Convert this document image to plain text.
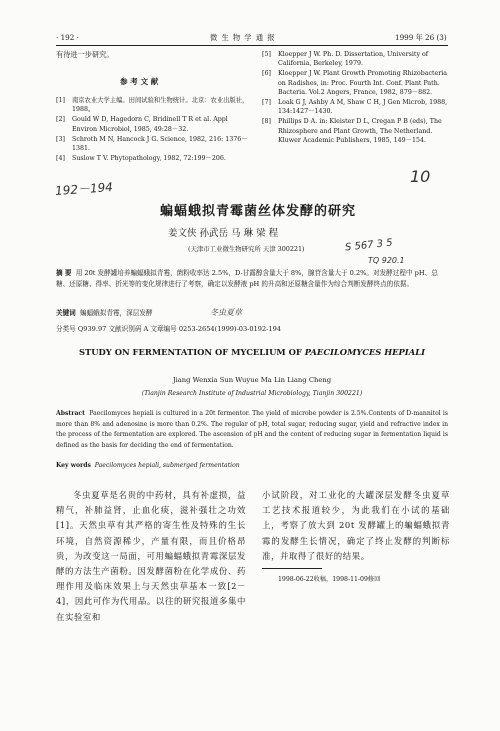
· 192 ·	微 生 物 学 通 报	1999 年 26 (3)
有待进一步研究。
参 考 文 献
[1] 南京农业大学主编。田间试验和生物统计。北京：农业出版社，1988。
[2] Gould W D, Hagedorn C, Bridinell T R et al. Appl Environ Microbiol, 1985, 49:28－32.
[3] Schroth M N, Hancock J G. Science, 1982, 216: 1376－1381.
[4] Suslow T V. Phytopathology, 1982, 72:199－206.
[5] Kloepper J W. Ph. D. Dissertation, University of California, Berkeley, 1979.
[6] Kloepper J W. Plant Growth Promoting Rhizobacteria on Radishes, in: Proc. Fourth Int. Conf. Plant Path. Bacteria. Vol.2 Angers, France, 1982, 879－882.
[7] Loak G J, Ashby A M, Shaw C H, J Gen Microb, 1988, 134:1427－1430.
[8] Phillips D A. in: Kleister D L, Cregan P B (eds), The Rhizosphere and Plant Growth, The Netherland. Kluwer Academic Publishers, 1985, 149－154.
192－194
10
S 567 3 5
TQ 920.1
冬虫夏草
蝙蝠蛾拟青霉菌丝体发酵的研究
姜文侠 孙武岳 马 琳 梁 程
(天津市工业微生物研究所 天津 300221)
摘 要 用 20t 发酵罐培养蝙蝠蛾拟青霉，菌粉收率达 2.5%，D-甘露醇含量大于 8%，腺苷含量大于 0.2%。对发酵过程中 pH、总糖、还原糖、得率、折光等的变化规律进行了考察，确定以发酵液 pH 的升高和还原糖含量作为综合判断发酵终点的依据。
关键词 蝙蝠蛾拟青霉，深层发酵
分类号 Q939.97 文献识别码 A 文章编号 0253-2654(1999)-03-0192-194
STUDY ON FERMENTATION OF MYCELIUM OF PAECILOMYCES HEPIALI
Jiang Wenxia Sun Wuyue Ma Lin Liang Cheng
(Tianjin Research Institute of Industrial Microbiology, Tianjin 300221)
Abstract Paecilomyces hepiali is cultured in a 20t fermentor. The yield of microbe powder is 2.5%.Contents of D-mannitol is more than 8% and adenosine is more than 0.2%. The regular of pH, total sugar, reducing sugar, yield and refractive index in the process of the fermentation are explored. The ascension of pH and the content of reducing sugar in fermentation liquid is defined as the basis for deciding the end of fermentation.
Key words Paecilomyces hepiali, submerged fermentation
冬虫夏草是名贵的中药材，具有补虚损，益精气，补肺益肾，止血化痰，滋补强壮之功效[1]。天然虫草有其严格的寄生性及特殊的生长环境，自然资源稀少，产量有限，而且价格昂贵，为改变这一局面，可用蝙蝠蛾拟青霉深层发酵的方法生产菌粉。因发酵菌粉在化学成份、药理作用及临床效果上与天然虫草基本一致[2－4]，因此可作为代用品。以往的研究报道多集中在实验室和
小试阶段，对工业化的大罐深层发酵冬虫夏草工艺技术报道较少，为此我们在小试的基础上，考察了放大到 20t 发酵罐上的蝙蝠蛾拟青霉的发酵生长情况，确定了终止发酵的判断标准，并取得了很好的结果。
1998-06-22收稿，1998-11-09修回
